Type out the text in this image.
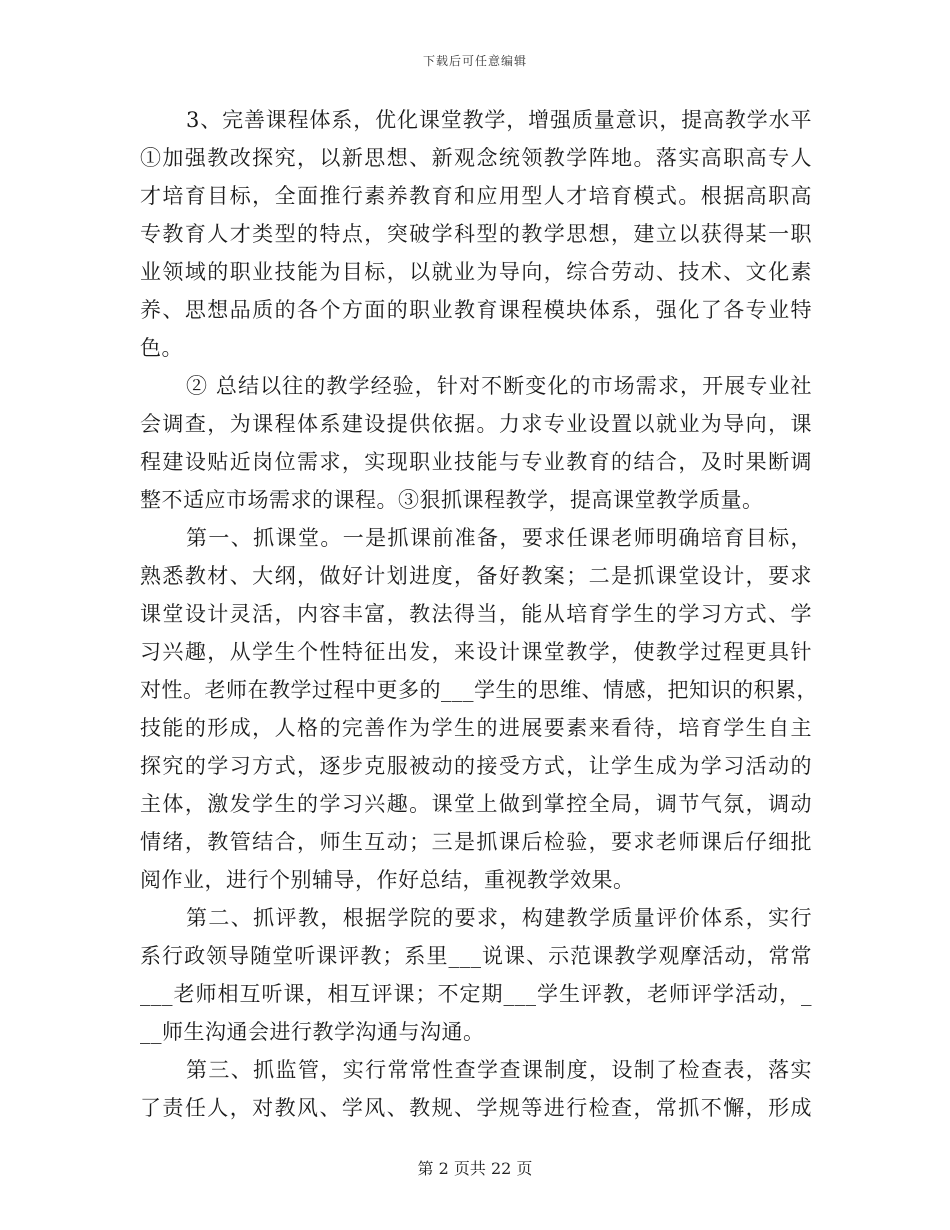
下载后可任意编辑
3、完善课程体系，优化课堂教学，增强质量意识，提高教学水平
①加强教改探究，以新思想、新观念统领教学阵地。落实高职高专人
才培育目标，全面推行素养教育和应用型人才培育模式。根据高职高
专教育人才类型的特点，突破学科型的教学思想，建立以获得某一职
业领域的职业技能为目标，以就业为导向，综合劳动、技术、文化素
养、思想品质的各个方面的职业教育课程模块体系，强化了各专业特
色。
② 总结以往的教学经验，针对不断变化的市场需求，开展专业社
会调查，为课程体系建设提供依据。力求专业设置以就业为导向，课
程建设贴近岗位需求，实现职业技能与专业教育的结合，及时果断调
整不适应市场需求的课程。③狠抓课程教学，提高课堂教学质量。
第一、抓课堂。一是抓课前准备，要求任课老师明确培育目标，
熟悉教材、大纲，做好计划进度，备好教案；二是抓课堂设计，要求
课堂设计灵活，内容丰富，教法得当，能从培育学生的学习方式、学
习兴趣，从学生个性特征出发，来设计课堂教学，使教学过程更具针
对性。老师在教学过程中更多的___学生的思维、情感，把知识的积累，
技能的形成，人格的完善作为学生的进展要素来看待，培育学生自主
探究的学习方式，逐步克服被动的接受方式，让学生成为学习活动的
主体，激发学生的学习兴趣。课堂上做到掌控全局，调节气氛，调动
情绪，教管结合，师生互动；三是抓课后检验，要求老师课后仔细批
阅作业，进行个别辅导，作好总结，重视教学效果。
第二、抓评教，根据学院的要求，构建教学质量评价体系，实行
系行政领导随堂听课评教；系里___说课、示范课教学观摩活动，常常
___老师相互听课，相互评课；不定期___学生评教，老师评学活动，_
__师生沟通会进行教学沟通与沟通。
第三、抓监管，实行常常性查学查课制度，设制了检查表，落实
了责任人，对教风、学风、教规、学规等进行检查，常抓不懈，形成
第 2 页共 22 页
